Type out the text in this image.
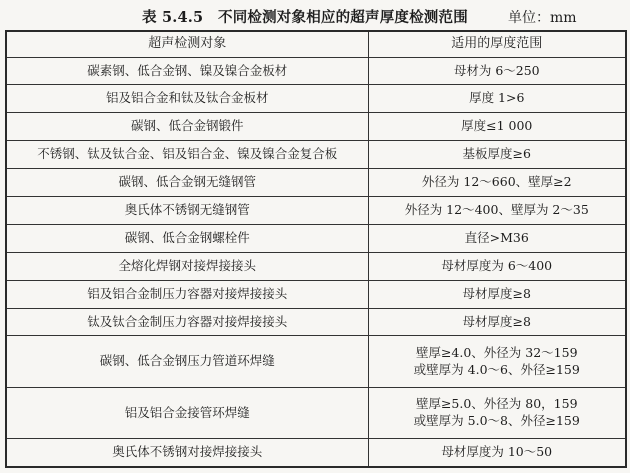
表 5.4.5　不同检测对象相应的超声厚度检测范围	单位：mm
超声检测对象	适用的厚度范围
碳素钢、低合金钢、镍及镍合金板材	母材为 6～250
铝及铝合金和钛及钛合金板材	厚度 1>6
碳钢、低合金钢锻件	厚度≤1 000
不锈钢、钛及钛合金、铝及铝合金、镍及镍合金复合板	基板厚度≥6
碳钢、低合金钢无缝钢管	外径为 12～660、壁厚≥2
奥氏体不锈钢无缝钢管	外径为 12～400、壁厚为 2～35
碳钢、低合金钢螺栓件	直径>M36
全熔化焊钢对接焊接接头	母材厚度为 6～400
铝及铝合金制压力容器对接焊接接头	母材厚度≥8
钛及钛合金制压力容器对接焊接接头	母材厚度≥8
碳钢、低合金钢压力管道环焊缝	壁厚≥4.0、外径为 32～159
或壁厚为 4.0～6、外径≥159

铝及铝合金接管环焊缝	壁厚≥5.0、外径为 80，159
或壁厚为 5.0～8、外径≥159

奥氏体不锈钢对接焊接接头	母材厚度为 10～50
